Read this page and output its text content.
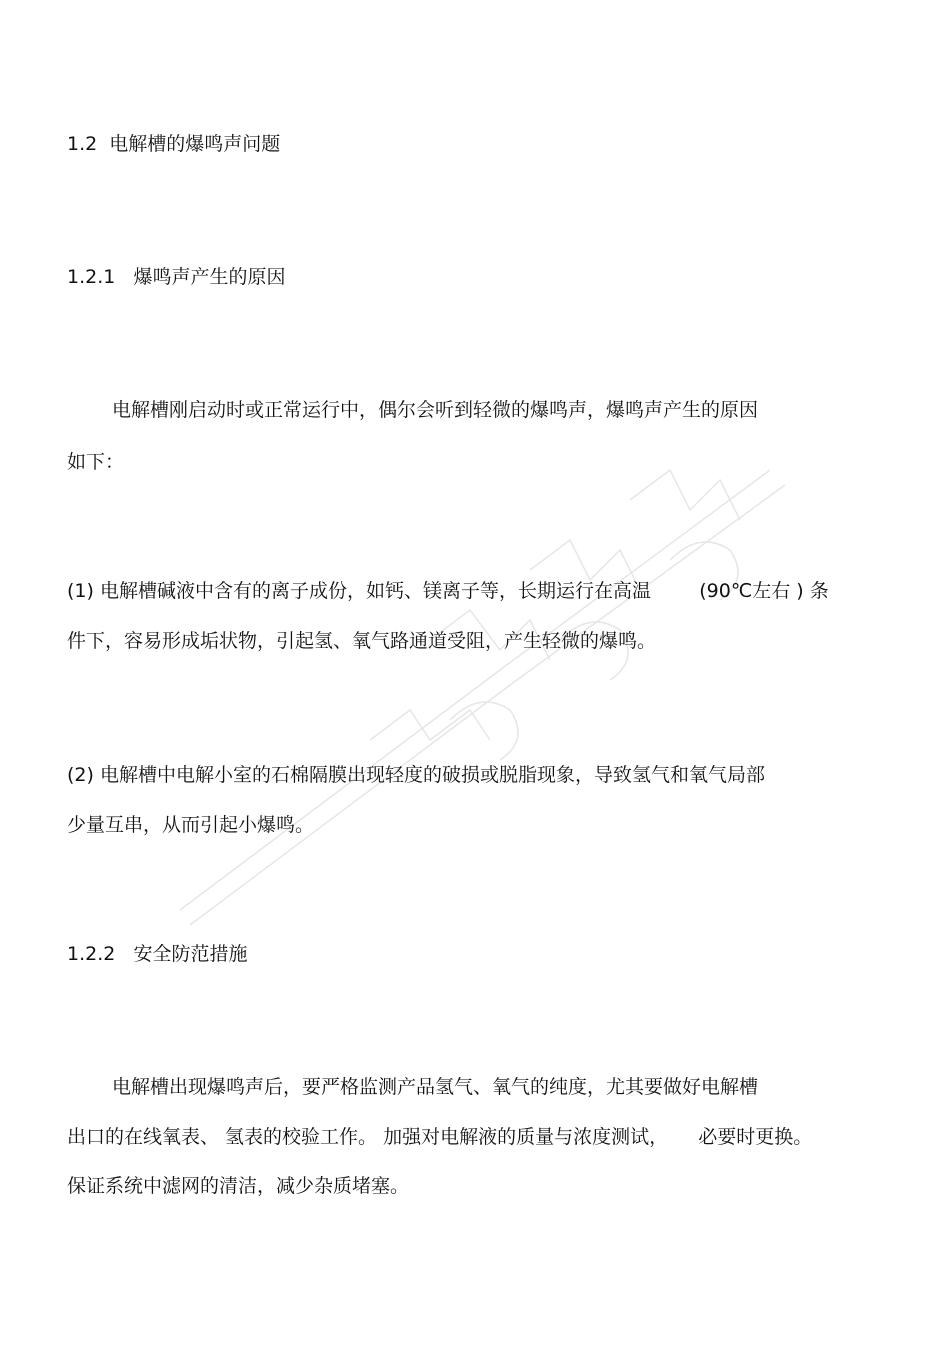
1.2  电解槽的爆鸣声问题
1.2.1   爆鸣声产生的原因
电解槽刚启动时或正常运行中，偶尔会听到轻微的爆鸣声，爆鸣声产生的原因
如下：
(1) 电解槽碱液中含有的离子成份，如钙、镁离子等，长期运行在高温        (90℃左右 ) 条
件下，容易形成垢状物，引起氢、氧气路通道受阻，产生轻微的爆鸣。
(2) 电解槽中电解小室的石棉隔膜出现轻度的破损或脱脂现象，导致氢气和氧气局部
少量互串，从而引起小爆鸣。
1.2.2   安全防范措施
电解槽出现爆鸣声后，要严格监测产品氢气、氧气的纯度，尤其要做好电解槽
出口的在线氧表、 氢表的校验工作。 加强对电解液的质量与浓度测试，     必要时更换。
保证系统中滤网的清洁，减少杂质堵塞。
